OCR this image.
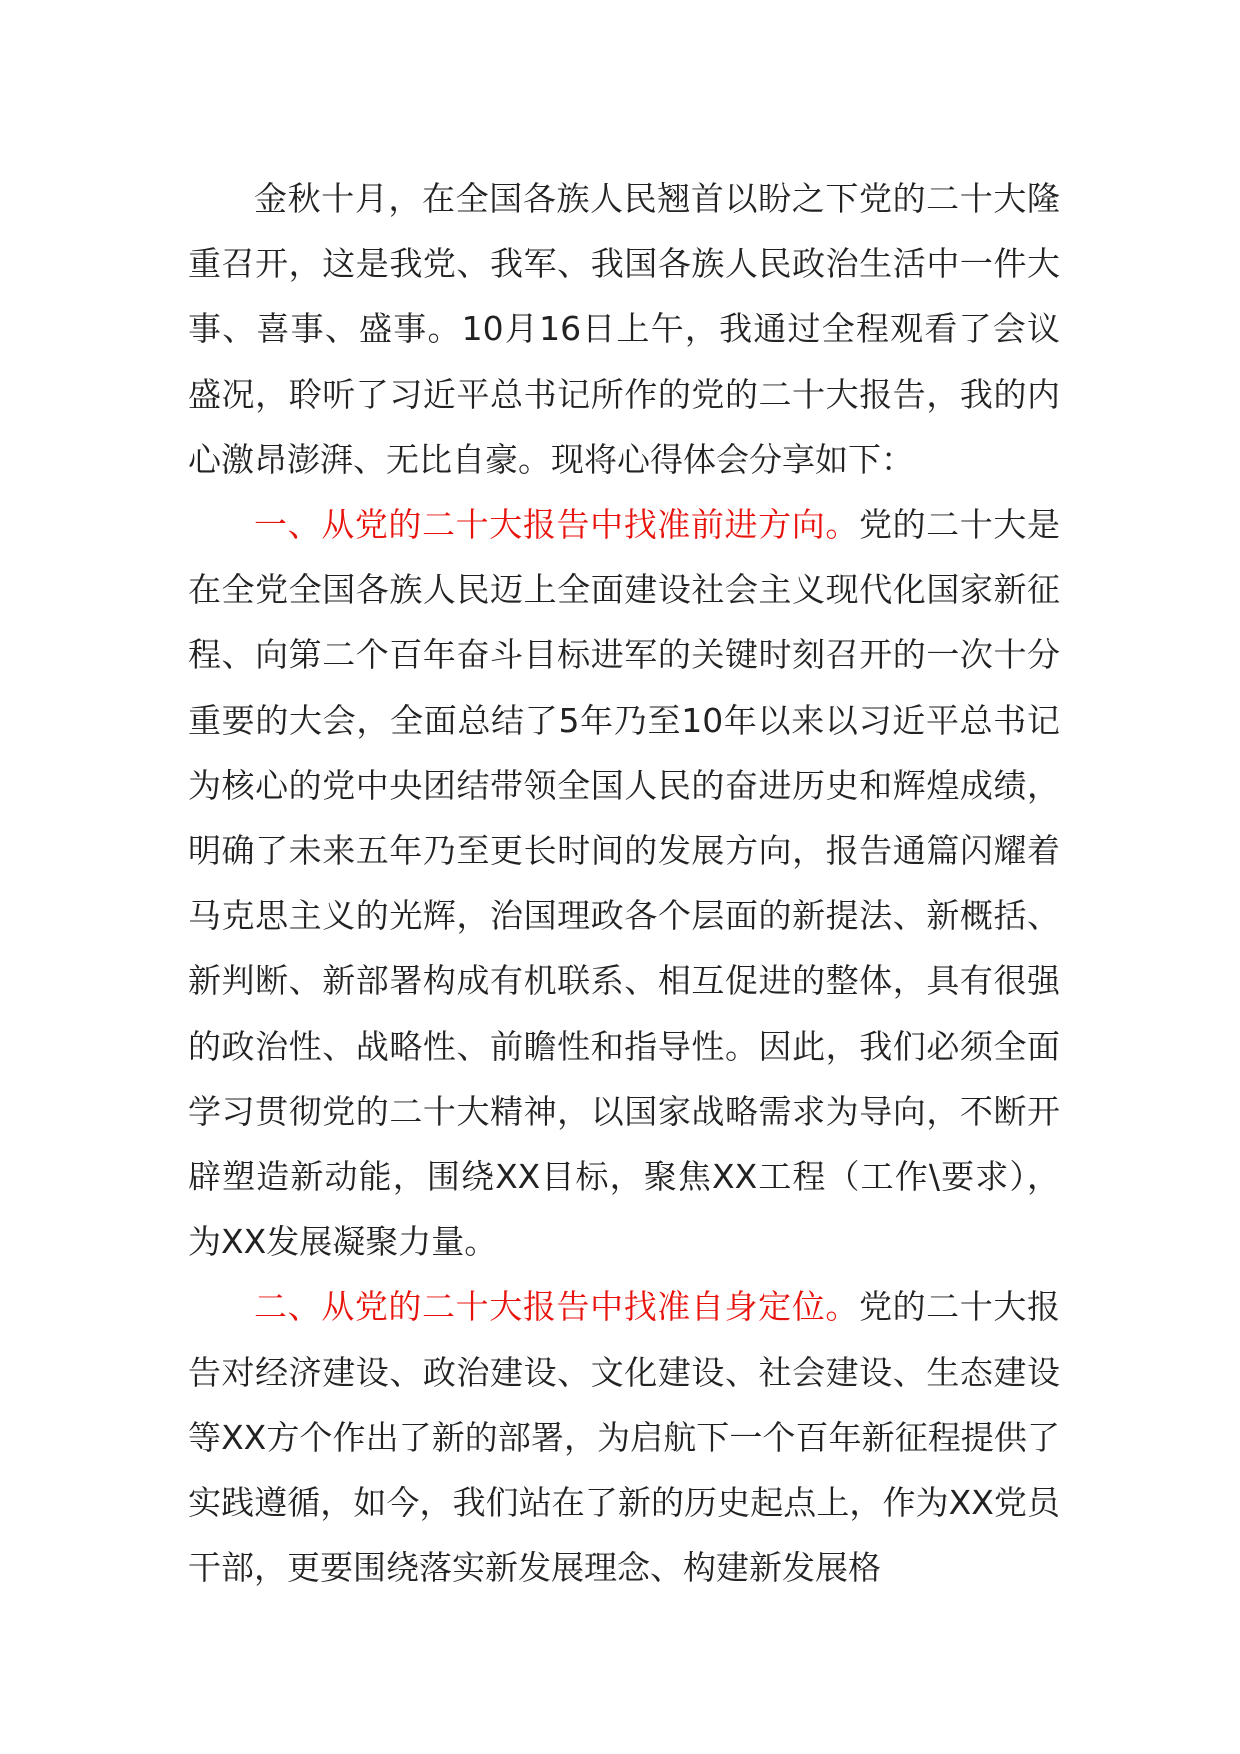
金秋十月，在全国各族人民翘首以盼之下党的二十大隆重召开，这是我党、我军、我国各族人民政治生活中一件大事、喜事、盛事。10月16日上午，我通过全程观看了会议盛况，聆听了习近平总书记所作的党的二十大报告，我的内心激昂澎湃、无比自豪。现将心得体会分享如下：

一、从党的二十大报告中找准前进方向。党的二十大是在全党全国各族人民迈上全面建设社会主义现代化国家新征程、向第二个百年奋斗目标进军的关键时刻召开的一次十分重要的大会，全面总结了5年乃至10年以来以习近平总书记为核心的党中央团结带领全国人民的奋进历史和辉煌成绩，明确了未来五年乃至更长时间的发展方向，报告通篇闪耀着马克思主义的光辉，治国理政各个层面的新提法、新概括、新判断、新部署构成有机联系、相互促进的整体，具有很强的政治性、战略性、前瞻性和指导性。因此，我们必须全面学习贯彻党的二十大精神，以国家战略需求为导向，不断开辟塑造新动能，围绕XX目标，聚焦XX工程（工作\要求），为XX发展凝聚力量。

二、从党的二十大报告中找准自身定位。党的二十大报告对经济建设、政治建设、文化建设、社会建设、生态建设等XX方个作出了新的部署，为启航下一个百年新征程提供了实践遵循，如今，我们站在了新的历史起点上，作为XX党员干部，更要围绕落实新发展理念、构建新发展格
